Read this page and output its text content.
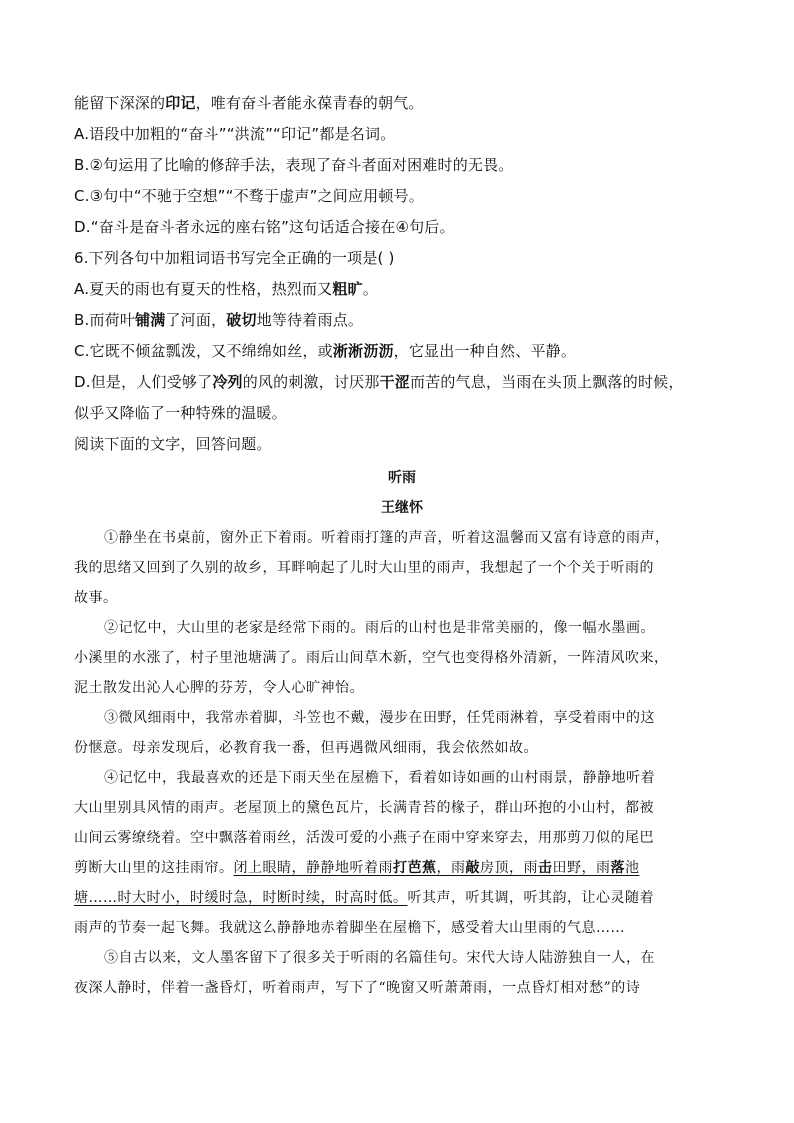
能留下深深的印记，唯有奋斗者能永葆青春的朝气。
A.语段中加粗的“奋斗”“洪流”“印记”都是名词。
B.②句运用了比喻的修辞手法，表现了奋斗者面对困难时的无畏。
C.③句中“不驰于空想”“不骛于虚声”之间应用顿号。
D.“奋斗是奋斗者永远的座右铭”这句话适合接在④句后。
6.下列各句中加粗词语书写完全正确的一项是( )
A.夏天的雨也有夏天的性格，热烈而又粗旷。
B.而荷叶铺满了河面，破切地等待着雨点。
C.它既不倾盆瓢泼，又不绵绵如丝，或淅淅沥沥，它显出一种自然、平静。
D.但是，人们受够了冷列的风的刺激，讨厌那干涩而苦的气息，当雨在头顶上飘落的时候，
似乎又降临了一种特殊的温暖。
阅读下面的文字，回答问题。
听雨
王继怀
①静坐在书桌前，窗外正下着雨。听着雨打篷的声音，听着这温馨而又富有诗意的雨声，
我的思绪又回到了久别的故乡，耳畔响起了儿时大山里的雨声，我想起了一个个关于听雨的
故事。
②记忆中，大山里的老家是经常下雨的。雨后的山村也是非常美丽的，像一幅水墨画。
小溪里的水涨了，村子里池塘满了。雨后山间草木新，空气也变得格外清新，一阵清风吹来，
泥土散发出沁人心脾的芬芳，令人心旷神怡。
③微风细雨中，我常赤着脚，斗笠也不戴，漫步在田野，任凭雨淋着，享受着雨中的这
份惬意。母亲发现后，必教育我一番，但再遇微风细雨，我会依然如故。
④记忆中，我最喜欢的还是下雨天坐在屋檐下，看着如诗如画的山村雨景，静静地听着
大山里别具风情的雨声。老屋顶上的黛色瓦片，长满青苔的椽子，群山环抱的小山村，都被
山间云雾缭绕着。空中飘落着雨丝，活泼可爱的小燕子在雨中穿来穿去，用那剪刀似的尾巴
剪断大山里的这挂雨帘。闭上眼睛，静静地听着雨打芭蕉，雨敲房顶，雨击田野，雨落池
塘……时大时小，时缓时急，时断时续，时高时低。听其声，听其调，听其韵，让心灵随着
雨声的节奏一起飞舞。我就这么静静地赤着脚坐在屋檐下，感受着大山里雨的气息……
⑤自古以来，文人墨客留下了很多关于听雨的名篇佳句。宋代大诗人陆游独自一人，在
夜深人静时，伴着一盏昏灯，听着雨声，写下了“晚窗又听萧萧雨，一点昏灯相对愁”的诗
